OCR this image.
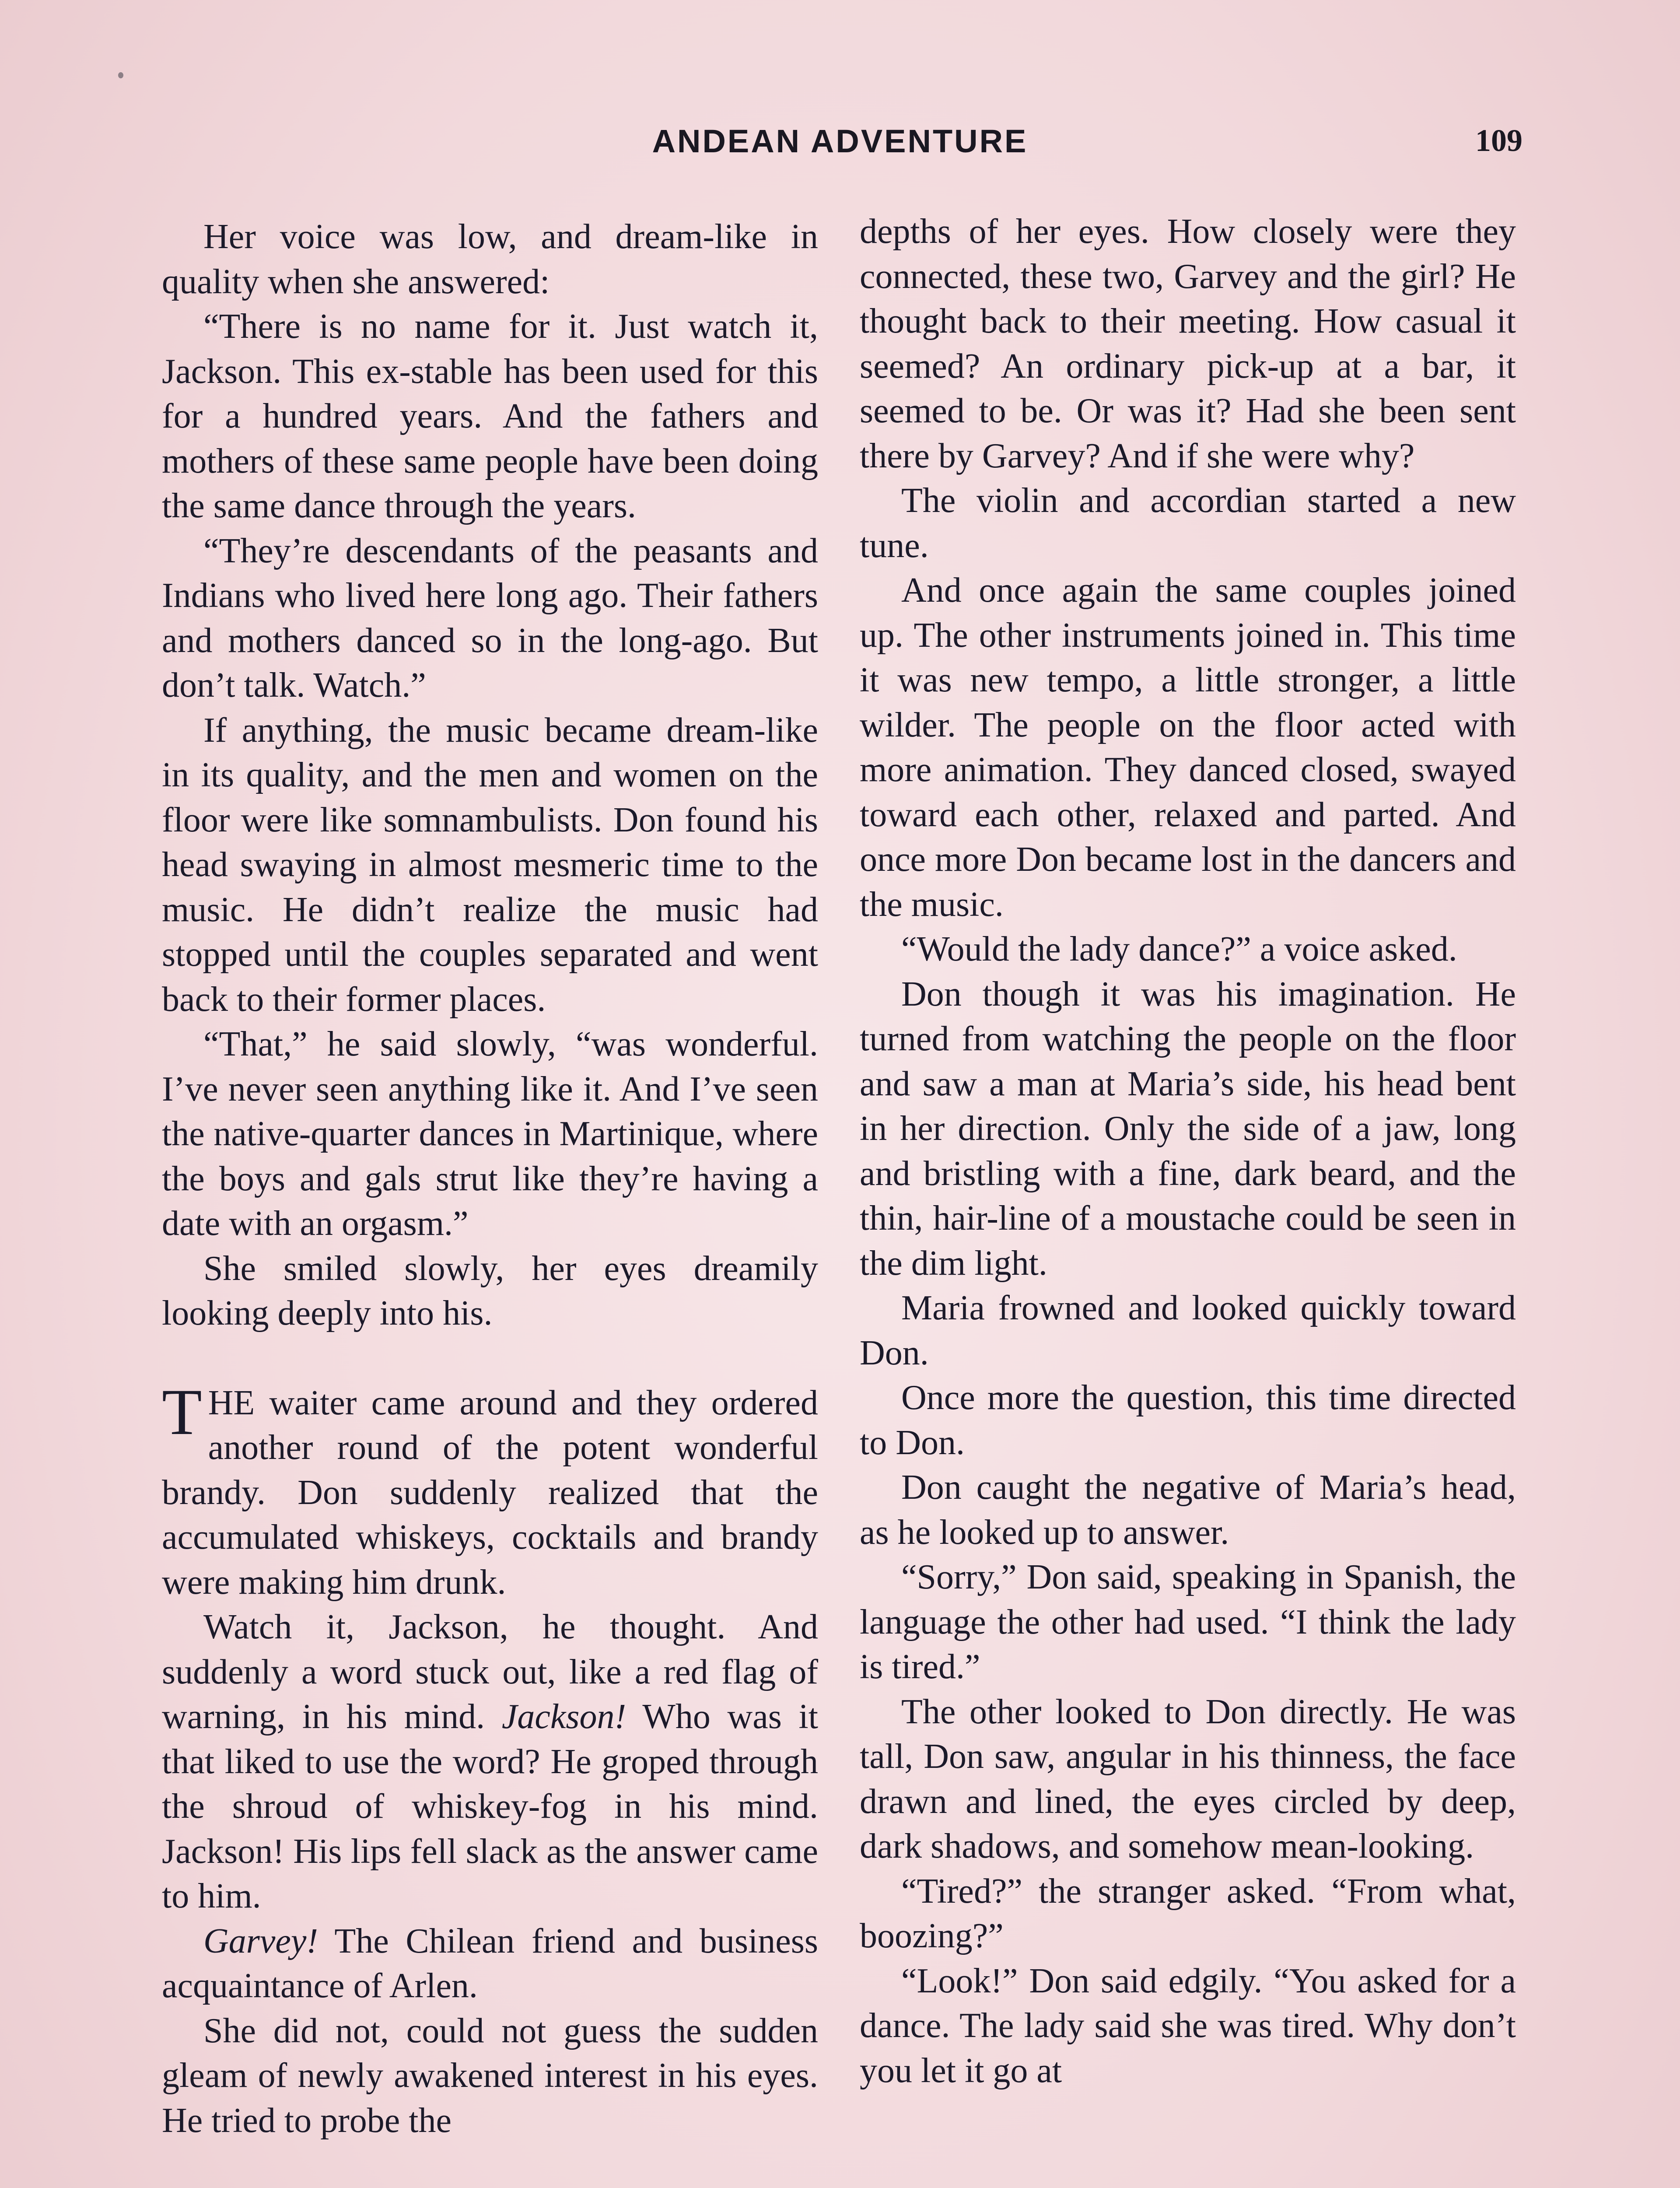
ANDEAN ADVENTURE	109

Her voice was low, and dream-like in quality when she answered:

“There is no name for it. Just watch it, Jackson. This ex-stable has been used for this for a hundred years. And the fathers and mothers of these same people have been doing the same dance through the years.

“They’re descendants of the peasants and Indians who lived here long ago. Their fathers and mothers danced so in the long-ago. But don’t talk. Watch.”

If anything, the music became dream-like in its quality, and the men and women on the floor were like somnambulists. Don found his head swaying in almost mesmeric time to the music. He didn’t realize the music had stopped until the couples separated and went back to their former places.

“That,” he said slowly, “was wonderful. I’ve never seen anything like it. And I’ve seen the native-quarter dances in Martinique, where the boys and gals strut like they’re having a date with an orgasm.”

She smiled slowly, her eyes dreamily looking deeply into his.

THE waiter came around and they ordered another round of the potent wonderful brandy. Don suddenly realized that the accumulated whiskeys, cocktails and brandy were making him drunk.

Watch it, Jackson, he thought. And suddenly a word stuck out, like a red flag of warning, in his mind. Jackson! Who was it that liked to use the word? He groped through the shroud of whiskey-fog in his mind. Jackson! His lips fell slack as the answer came to him.

Garvey! The Chilean friend and business acquaintance of Arlen.

She did not, could not guess the sudden gleam of newly awakened interest in his eyes. He tried to probe the

depths of her eyes. How closely were they connected, these two, Garvey and the girl? He thought back to their meeting. How casual it seemed? An ordinary pick-up at a bar, it seemed to be. Or was it? Had she been sent there by Garvey? And if she were why?

The violin and accordian started a new tune.

And once again the same couples joined up. The other instruments joined in. This time it was new tempo, a little stronger, a little wilder. The people on the floor acted with more animation. They danced closed, swayed toward each other, relaxed and parted. And once more Don became lost in the dancers and the music.

“Would the lady dance?” a voice asked.

Don though it was his imagination. He turned from watching the people on the floor and saw a man at Maria’s side, his head bent in her direction. Only the side of a jaw, long and bristling with a fine, dark beard, and the thin, hair-line of a moustache could be seen in the dim light.

Maria frowned and looked quickly toward Don.

Once more the question, this time directed to Don.

Don caught the negative of Maria’s head, as he looked up to answer.

“Sorry,” Don said, speaking in Spanish, the language the other had used. “I think the lady is tired.”

The other looked to Don directly. He was tall, Don saw, angular in his thinness, the face drawn and lined, the eyes circled by deep, dark shadows, and somehow mean-looking.

“Tired?” the stranger asked. “From what, boozing?”

“Look!” Don said edgily. “You asked for a dance. The lady said she was tired. Why don’t you let it go at
